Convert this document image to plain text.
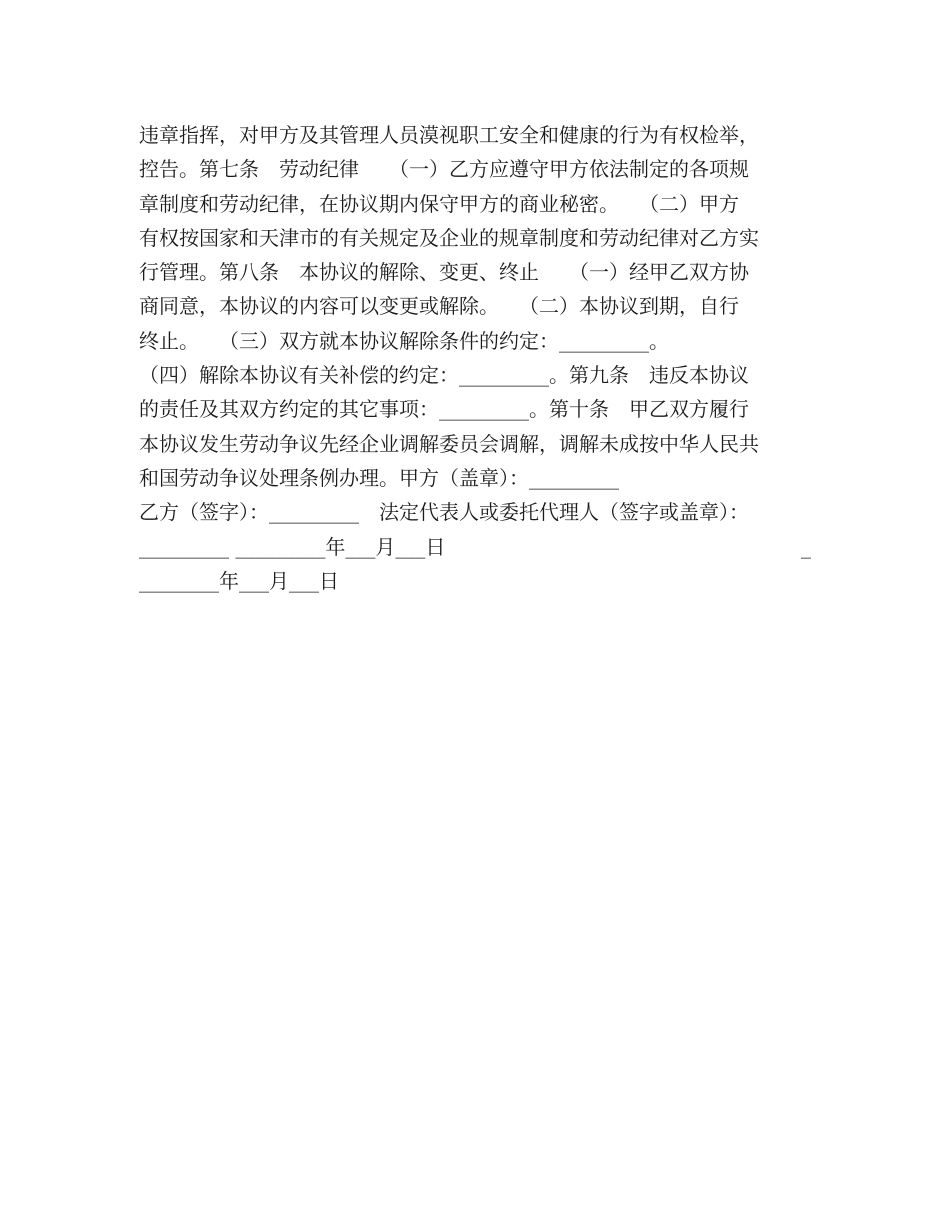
违章指挥，对甲方及其管理人员漠视职工安全和健康的行为有权检举，
控告。第七条　劳动纪律　　（一）乙方应遵守甲方依法制定的各项规
章制度和劳动纪律，在协议期内保守甲方的商业秘密。　　（二）甲方
有权按国家和天津市的有关规定及企业的规章制度和劳动纪律对乙方实
行管理。第八条　本协议的解除、变更、终止　　（一）经甲乙双方协
商同意，本协议的内容可以变更或解除。　　（二）本协议到期，自行
终止。　　（三）双方就本协议解除条件的约定：_________。
（四）解除本协议有关补偿的约定：_________。第九条　违反本协议
的责任及其双方约定的其它事项：_________。第十条　甲乙双方履行
本协议发生劳动争议先经企业调解委员会调解，调解未成按中华人民共
和国劳动争议处理条例办理。甲方（盖章）：_________
乙方（签字）：_________　法定代表人或委托代理人（签字或盖章）：
_________ _________年___月___日	_
________年___月___日
